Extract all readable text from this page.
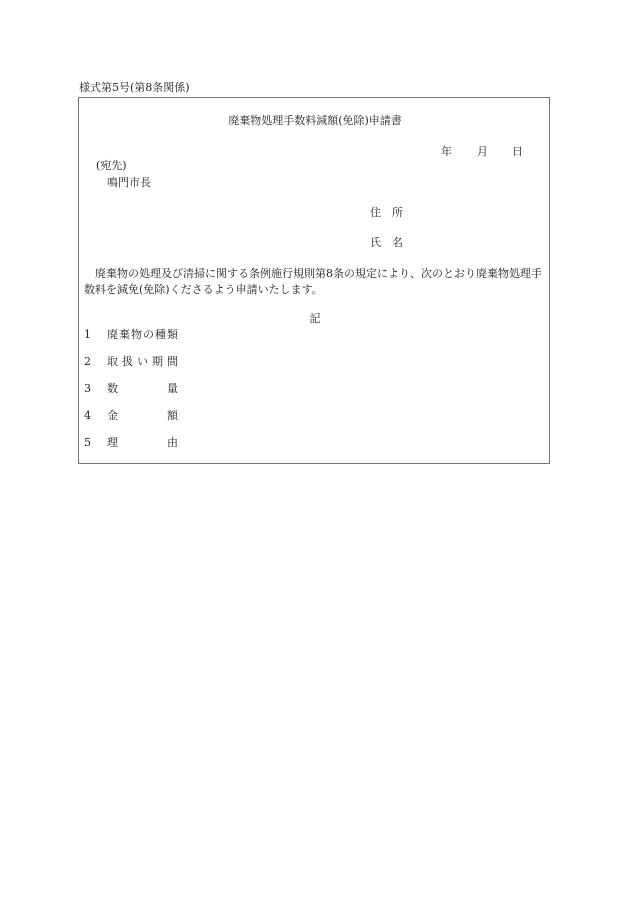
様式第5号(第8条関係)
廃棄物処理手数料減額(免除)申請書
年 月 日
(宛先)
鳴門市長
住　所
氏　名
廃棄物の処理及び清掃に関する条例施行規則第8条の規定により、次のとおり廃棄物処理手数料を減免(免除)くださるよう申請いたします。
記
1 廃棄物の種類
2 取扱い期間
3 数量
4 金額
5 理由
